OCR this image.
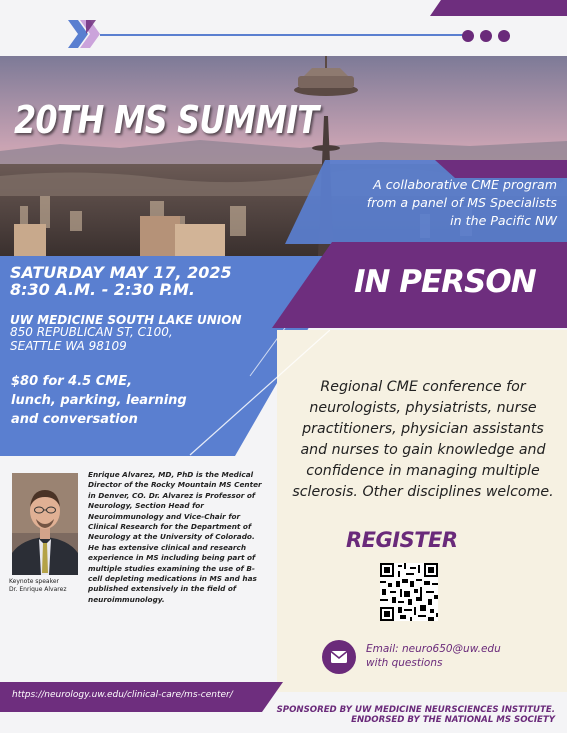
20TH MS SUMMIT
A collaborative CME program
from a panel of MS Specialists
in the Pacific NW
SATURDAY MAY 17, 2025
8:30 A.M. - 2:30 P.M.
UW MEDICINE SOUTH LAKE UNION
850 REPUBLICAN ST, C100,
SEATTLE WA 98109
$80 for 4.5 CME,
lunch, parking, learning
and conversation
IN PERSON
Regional CME conference for neurologists, physiatrists, nurse practitioners, physician assistants and nurses to gain knowledge and confidence in managing multiple sclerosis. Other disciplines welcome.
REGISTER
Email: neuro650@uw.edu
with questions
Keynote speaker
Dr. Enrique Alvarez
Enrique Alvarez, MD, PhD is the Medical Director of the Rocky Mountain MS Center in Denver, CO. Dr. Alvarez is Professor of Neurology, Section Head for Neuroimmunology and Vice-Chair for Clinical Research for the Department of Neurology at the University of Colorado. He has extensive clinical and research experience in MS including being part of multiple studies examining the use of B-cell depleting medications in MS and has published extensively in the field of neuroimmunology.
https://neurology.uw.edu/clinical-care/ms-center/
SPONSORED BY UW MEDICINE NEURSCIENCES INSTITUTE.
ENDORSED BY THE NATIONAL MS SOCIETY
